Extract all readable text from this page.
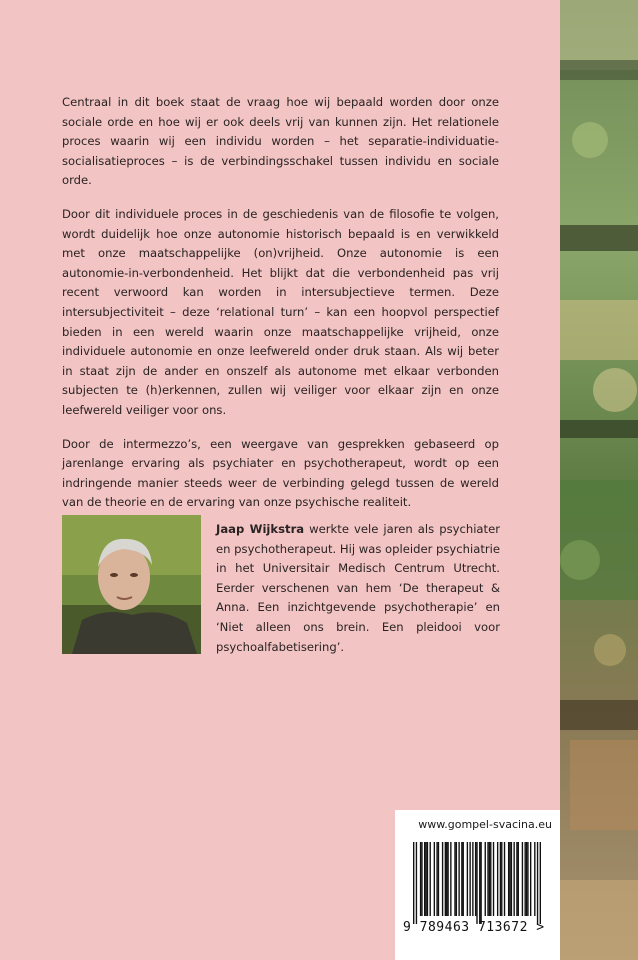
Centraal in dit boek staat de vraag hoe wij bepaald worden door onze sociale orde en hoe wij er ook deels vrij van kunnen zijn. Het relationele proces waarin wij een individu worden – het separatie-individuatie-socialisatieproces – is de verbindingsschakel tussen individu en sociale orde.

Door dit individuele proces in de geschiedenis van de filosofie te volgen, wordt duidelijk hoe onze autonomie historisch bepaald is en verwikkeld met onze maatschappelijke (on)vrijheid. Onze autonomie is een autonomie-in-verbondenheid. Het blijkt dat die verbondenheid pas vrij recent verwoord kan worden in intersubjectieve termen. Deze intersubjectiviteit – deze ‘relational turn’ – kan een hoopvol perspectief bieden in een wereld waarin onze maatschappelijke vrijheid, onze individuele autonomie en onze leefwereld onder druk staan. Als wij beter in staat zijn de ander en onszelf als autonome met elkaar verbonden subjecten te (h)erkennen, zullen wij veiliger voor elkaar zijn en onze leefwereld veiliger voor ons.

Door de intermezzo’s, een weergave van gesprekken gebaseerd op jarenlange ervaring als psychiater en psychotherapeut, wordt op een indringende manier steeds weer de verbinding gelegd tussen de wereld van de theorie en de ervaring van onze psychische realiteit.

Jaap Wijkstra werkte vele jaren als psychiater en psychotherapeut. Hij was opleider psychiatrie in het Universitair Medisch Centrum Utrecht. Eerder verschenen van hem ‘De therapeut & Anna. Een inzichtgevende psychotherapie’ en ‘Niet alleen ons brein. Een pleidooi voor psychoalfabetisering’.
www.gompel-svacina.eu
9 789463 713672 >
